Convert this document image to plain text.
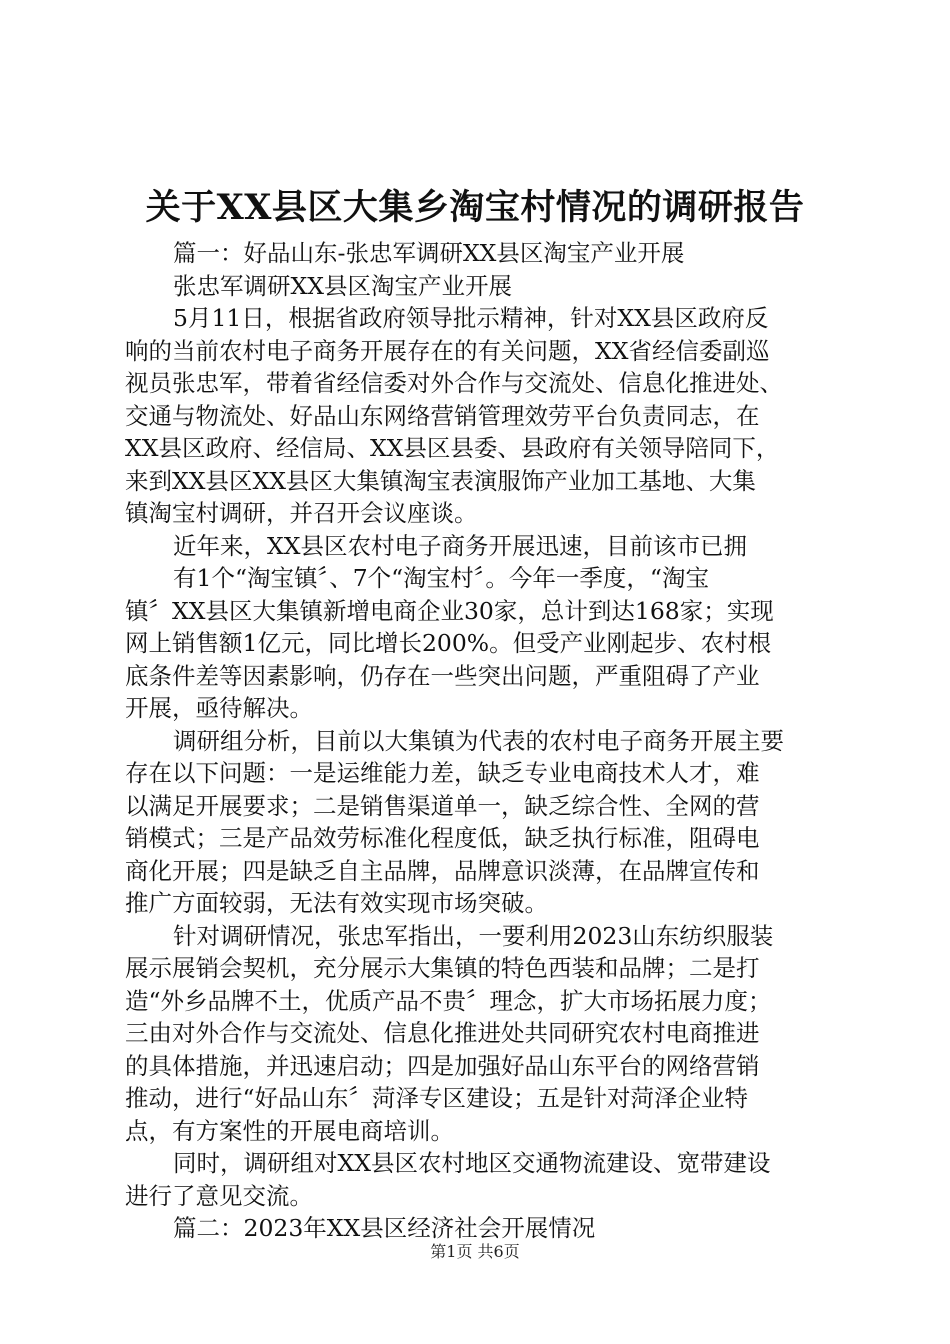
关于XX县区大集乡淘宝村情况的调研报告

篇一：好品山东-张忠军调研XX县区淘宝产业开展

张忠军调研XX县区淘宝产业开展

5月11日，根据省政府领导批示精神，针对XX县区政府反

响的当前农村电子商务开展存在的有关问题，XX省经信委副巡

视员张忠军，带着省经信委对外合作与交流处、信息化推进处、

交通与物流处、好品山东网络营销管理效劳平台负责同志，在

XX县区政府、经信局、XX县区县委、县政府有关领导陪同下，

来到XX县区XX县区大集镇淘宝表演服饰产业加工基地、大集

镇淘宝村调研，并召开会议座谈。

近年来，XX县区农村电子商务开展迅速，目前该市已拥

有1个“淘宝镇〞、7个“淘宝村〞。今年一季度，“淘宝

镇〞XX县区大集镇新增电商企业30家，总计到达168家；实现

网上销售额1亿元，同比增长200%。但受产业刚起步、农村根

底条件差等因素影响，仍存在一些突出问题，严重阻碍了产业

开展，亟待解决。

调研组分析，目前以大集镇为代表的农村电子商务开展主要

存在以下问题：一是运维能力差，缺乏专业电商技术人才，难

以满足开展要求；二是销售渠道单一，缺乏综合性、全网的营

销模式；三是产品效劳标准化程度低，缺乏执行标准，阻碍电

商化开展；四是缺乏自主品牌，品牌意识淡薄，在品牌宣传和

推广方面较弱，无法有效实现市场突破。

针对调研情况，张忠军指出，一要利用2023山东纺织服装

展示展销会契机，充分展示大集镇的特色西装和品牌；二是打

造“外乡品牌不土，优质产品不贵〞理念，扩大市场拓展力度；

三由对外合作与交流处、信息化推进处共同研究农村电商推进

的具体措施，并迅速启动；四是加强好品山东平台的网络营销

推动，进行“好品山东〞菏泽专区建设；五是针对菏泽企业特

点，有方案性的开展电商培训。

同时，调研组对XX县区农村地区交通物流建设、宽带建设

进行了意见交流。

篇二：2023年XX县区经济社会开展情况

第1页 共6页
